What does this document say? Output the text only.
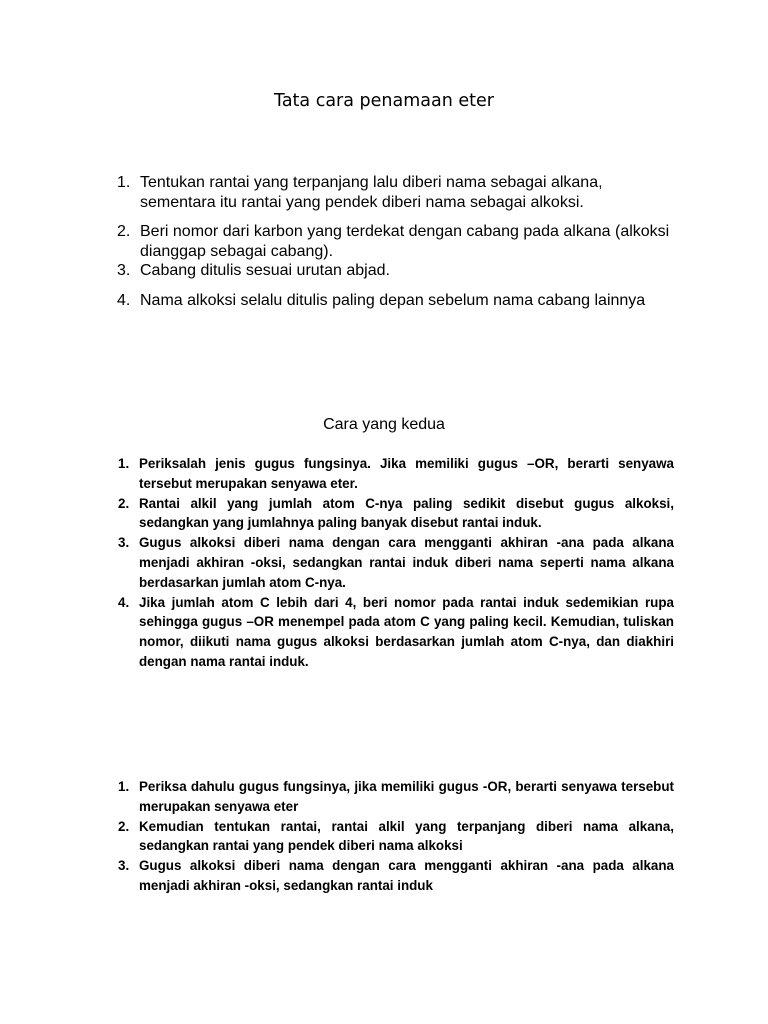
Tata cara penamaan eter
1. Tentukan rantai yang terpanjang lalu diberi nama sebagai alkana, sementara itu rantai yang pendek diberi nama sebagai alkoksi.
2. Beri nomor dari karbon yang terdekat dengan cabang pada alkana (alkoksi dianggap sebagai cabang).
3. Cabang ditulis sesuai urutan abjad.
4. Nama alkoksi selalu ditulis paling depan sebelum nama cabang lainnya
Cara yang kedua
1. Periksalah jenis gugus fungsinya. Jika memiliki gugus –OR, berarti senyawa tersebut merupakan senyawa eter.
2. Rantai alkil yang jumlah atom C-nya paling sedikit disebut gugus alkoksi, sedangkan yang jumlahnya paling banyak disebut rantai induk.
3. Gugus alkoksi diberi nama dengan cara mengganti akhiran -ana pada alkana menjadi akhiran -oksi, sedangkan rantai induk diberi nama seperti nama alkana berdasarkan jumlah atom C-nya.
4. Jika jumlah atom C lebih dari 4, beri nomor pada rantai induk sedemikian rupa sehingga gugus –OR menempel pada atom C yang paling kecil. Kemudian, tuliskan nomor, diikuti nama gugus alkoksi berdasarkan jumlah atom C-nya, dan diakhiri dengan nama rantai induk.
1. Periksa dahulu gugus fungsinya, jika memiliki gugus -OR, berarti senyawa tersebut merupakan senyawa eter
2. Kemudian tentukan rantai, rantai alkil yang terpanjang diberi nama alkana, sedangkan rantai yang pendek diberi nama alkoksi
3. Gugus alkoksi diberi nama dengan cara mengganti akhiran -ana pada alkana menjadi akhiran -oksi, sedangkan rantai induk
